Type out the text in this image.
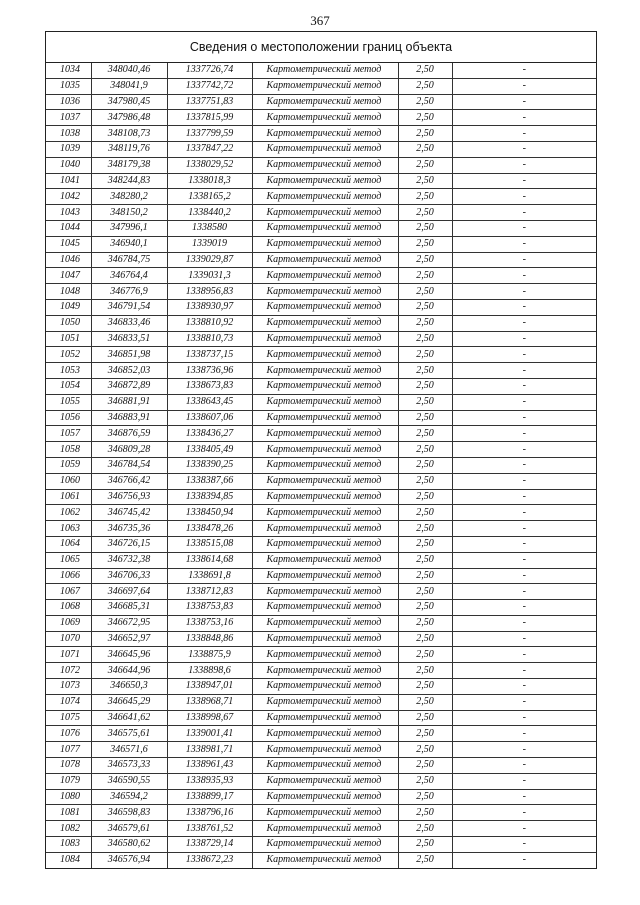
367
Сведения о местоположении границ объекта
1034	348040,46	1337726,74	Картометрический метод	2,50	-
1035	348041,9	1337742,72	Картометрический метод	2,50	-
1036	347980,45	1337751,83	Картометрический метод	2,50	-
1037	347986,48	1337815,99	Картометрический метод	2,50	-
1038	348108,73	1337799,59	Картометрический метод	2,50	-
1039	348119,76	1337847,22	Картометрический метод	2,50	-
1040	348179,38	1338029,52	Картометрический метод	2,50	-
1041	348244,83	1338018,3	Картометрический метод	2,50	-
1042	348280,2	1338165,2	Картометрический метод	2,50	-
1043	348150,2	1338440,2	Картометрический метод	2,50	-
1044	347996,1	1338580	Картометрический метод	2,50	-
1045	346940,1	1339019	Картометрический метод	2,50	-
1046	346784,75	1339029,87	Картометрический метод	2,50	-
1047	346764,4	1339031,3	Картометрический метод	2,50	-
1048	346776,9	1338956,83	Картометрический метод	2,50	-
1049	346791,54	1338930,97	Картометрический метод	2,50	-
1050	346833,46	1338810,92	Картометрический метод	2,50	-
1051	346833,51	1338810,73	Картометрический метод	2,50	-
1052	346851,98	1338737,15	Картометрический метод	2,50	-
1053	346852,03	1338736,96	Картометрический метод	2,50	-
1054	346872,89	1338673,83	Картометрический метод	2,50	-
1055	346881,91	1338643,45	Картометрический метод	2,50	-
1056	346883,91	1338607,06	Картометрический метод	2,50	-
1057	346876,59	1338436,27	Картометрический метод	2,50	-
1058	346809,28	1338405,49	Картометрический метод	2,50	-
1059	346784,54	1338390,25	Картометрический метод	2,50	-
1060	346766,42	1338387,66	Картометрический метод	2,50	-
1061	346756,93	1338394,85	Картометрический метод	2,50	-
1062	346745,42	1338450,94	Картометрический метод	2,50	-
1063	346735,36	1338478,26	Картометрический метод	2,50	-
1064	346726,15	1338515,08	Картометрический метод	2,50	-
1065	346732,38	1338614,68	Картометрический метод	2,50	-
1066	346706,33	1338691,8	Картометрический метод	2,50	-
1067	346697,64	1338712,83	Картометрический метод	2,50	-
1068	346685,31	1338753,83	Картометрический метод	2,50	-
1069	346672,95	1338753,16	Картометрический метод	2,50	-
1070	346652,97	1338848,86	Картометрический метод	2,50	-
1071	346645,96	1338875,9	Картометрический метод	2,50	-
1072	346644,96	1338898,6	Картометрический метод	2,50	-
1073	346650,3	1338947,01	Картометрический метод	2,50	-
1074	346645,29	1338968,71	Картометрический метод	2,50	-
1075	346641,62	1338998,67	Картометрический метод	2,50	-
1076	346575,61	1339001,41	Картометрический метод	2,50	-
1077	346571,6	1338981,71	Картометрический метод	2,50	-
1078	346573,33	1338961,43	Картометрический метод	2,50	-
1079	346590,55	1338935,93	Картометрический метод	2,50	-
1080	346594,2	1338899,17	Картометрический метод	2,50	-
1081	346598,83	1338796,16	Картометрический метод	2,50	-
1082	346579,61	1338761,52	Картометрический метод	2,50	-
1083	346580,62	1338729,14	Картометрический метод	2,50	-
1084	346576,94	1338672,23	Картометрический метод	2,50	-
